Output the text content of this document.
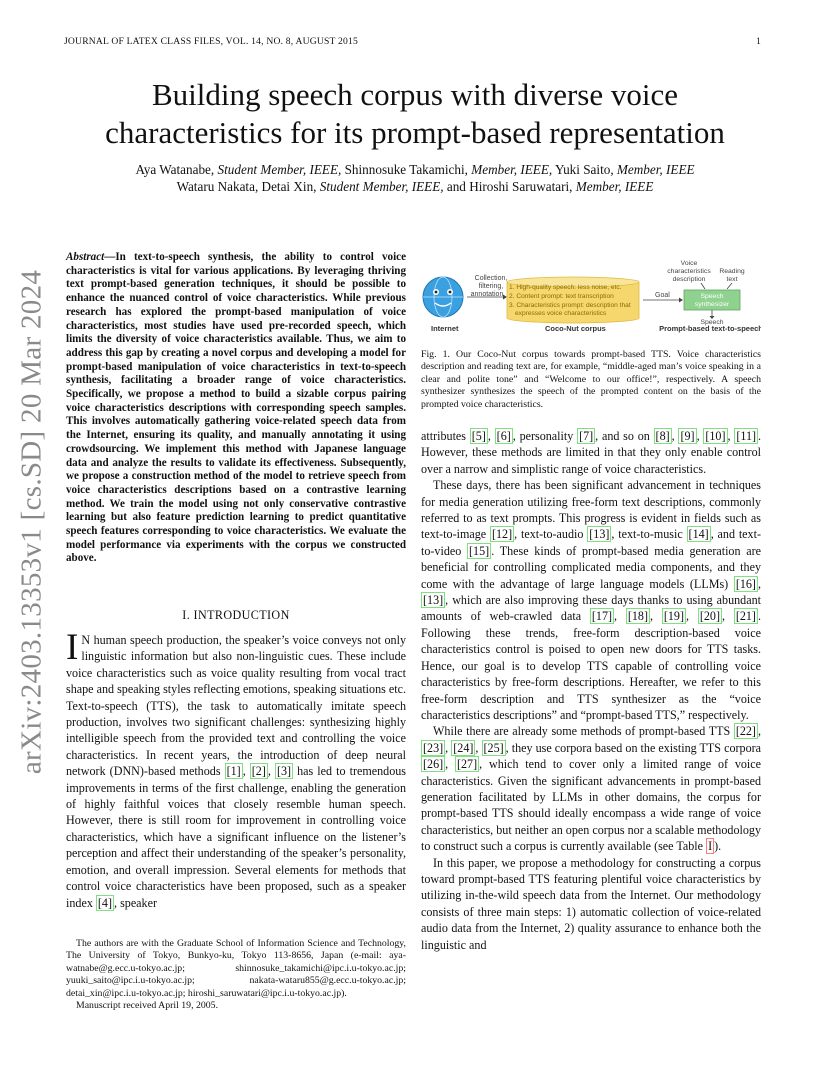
JOURNAL OF LATEX CLASS FILES, VOL. 14, NO. 8, AUGUST 2015	1
arXiv:2403.13353v1 [cs.SD] 20 Mar 2024
Building speech corpus with diverse voice characteristics for its prompt-based representation
Aya Watanabe, Student Member, IEEE, Shinnosuke Takamichi, Member, IEEE, Yuki Saito, Member, IEEE
Wataru Nakata, Detai Xin, Student Member, IEEE, and Hiroshi Saruwatari, Member, IEEE
Abstract—In text-to-speech synthesis, the ability to control voice characteristics is vital for various applications. By leveraging thriving text prompt-based generation techniques, it should be possible to enhance the nuanced control of voice characteristics. While previous research has explored the prompt-based manipulation of voice characteristics, most studies have used pre-recorded speech, which limits the diversity of voice characteristics available. Thus, we aim to address this gap by creating a novel corpus and developing a model for prompt-based manipulation of voice characteristics in text-to-speech synthesis, facilitating a broader range of voice characteristics. Specifically, we propose a method to build a sizable corpus pairing voice characteristics descriptions with corresponding speech samples. This involves automatically gathering voice-related speech data from the Internet, ensuring its quality, and manually annotating it using crowdsourcing. We implement this method with Japanese language data and analyze the results to validate its effectiveness. Subsequently, we propose a construction method of the model to retrieve speech from voice characteristics descriptions based on a contrastive learning method. We train the model using not only conservative contrastive learning but also feature prediction learning to predict quantitative speech features corresponding to voice characteristics. We evaluate the model performance via experiments with the corpus we constructed above.
I. INTRODUCTION
I N human speech production, the speaker’s voice conveys not only linguistic information but also non-linguistic cues. These include voice characteristics such as voice quality resulting from vocal tract shape and speaking styles reflecting emotions, speaking situations etc. Text-to-speech (TTS), the task to automatically imitate speech production, involves two significant challenges: synthesizing highly intelligible speech from the provided text and controlling the voice characteristics. In recent years, the introduction of deep neural network (DNN)-based methods [1] , [2] , [3] has led to tremendous improvements in terms of the first challenge, enabling the generation of highly faithful voices that closely resemble human speech. However, there is still room for improvement in controlling voice characteristics, which have a significant influence on the listener’s perception and affect their understanding of the speaker’s personality, emotion, and overall impression. Several elements for methods that control voice characteristics have been proposed, such as a speaker index [4] , speaker

The authors are with the Graduate School of Information Science and Technology, The University of Tokyo, Bunkyo-ku, Tokyo 113-8656, Japan (e-mail: aya-watnabe@g.ecc.u-tokyo.ac.jp; shinnosuke_takamichi@ipc.i.u-tokyo.ac.jp; yuuki_saito@ipc.i.u-tokyo.ac.jp; nakata-wataru855@g.ecc.u-tokyo.ac.jp; detai_xin@ipc.i.u-tokyo.ac.jp; hiroshi_saruwatari@ipc.i.u-tokyo.ac.jp).

Manuscript received April 19, 2005.

Internet
Collection,
filtering,
annotation
1. High-quality speech: less noise, etc.
2. Content prompt: text transcription
3. Characteristics prompt: description that
expresses voice characteristics
Coco-Nut corpus
Goal
Voice
characteristics
description
Reading
text
Speech
synthesizer
Speech
Prompt-based text-to-speech
Fig. 1. Our Coco-Nut corpus towards prompt-based TTS. Voice characteristics description and reading text are, for example, “middle-aged man’s voice speaking in a clear and polite tone” and “Welcome to our office!”, respectively. A speech synthesizer synthesizes the speech of the prompted content on the basis of the prompted voice characteristics.

attributes [5] , [6] , personality [7] , and so on [8] , [9] , [10] , [11] . However, these methods are limited in that they only enable control over a narrow and simplistic range of voice characteristics.

These days, there has been significant advancement in techniques for media generation utilizing free-form text descriptions, commonly referred to as text prompts. This progress is evident in fields such as text-to-image [12] , text-to-audio [13] , text-to-music [14] , and text-to-video [15] . These kinds of prompt-based media generation are beneficial for controlling complicated media components, and they come with the advantage of large language models (LLMs) [16] , [13] , which are also improving these days thanks to using abundant amounts of web-crawled data [17] , [18] , [19] , [20] , [21] . Following these trends, free-form description-based voice characteristics control is poised to open new doors for TTS tasks. Hence, our goal is to develop TTS capable of controlling voice characteristics by free-form descriptions. Hereafter, we refer to this free-form description and TTS synthesizer as the “voice characteristics descriptions” and “prompt-based TTS,” respectively.

While there are already some methods of prompt-based TTS [22] , [23] , [24] , [25] , they use corpora based on the existing TTS corpora [26] , [27] , which tend to cover only a limited range of voice characteristics. Given the significant advancements in prompt-based generation facilitated by LLMs in other domains, the corpus for prompt-based TTS should ideally encompass a wide range of voice characteristics, but neither an open corpus nor a scalable methodology to construct such a corpus is currently available (see Table I ).

In this paper, we propose a methodology for constructing a corpus toward prompt-based TTS featuring plentiful voice characteristics by utilizing in-the-wild speech data from the Internet. Our methodology consists of three main steps: 1) automatic collection of voice-related audio data from the Internet, 2) quality assurance to enhance both the linguistic and
